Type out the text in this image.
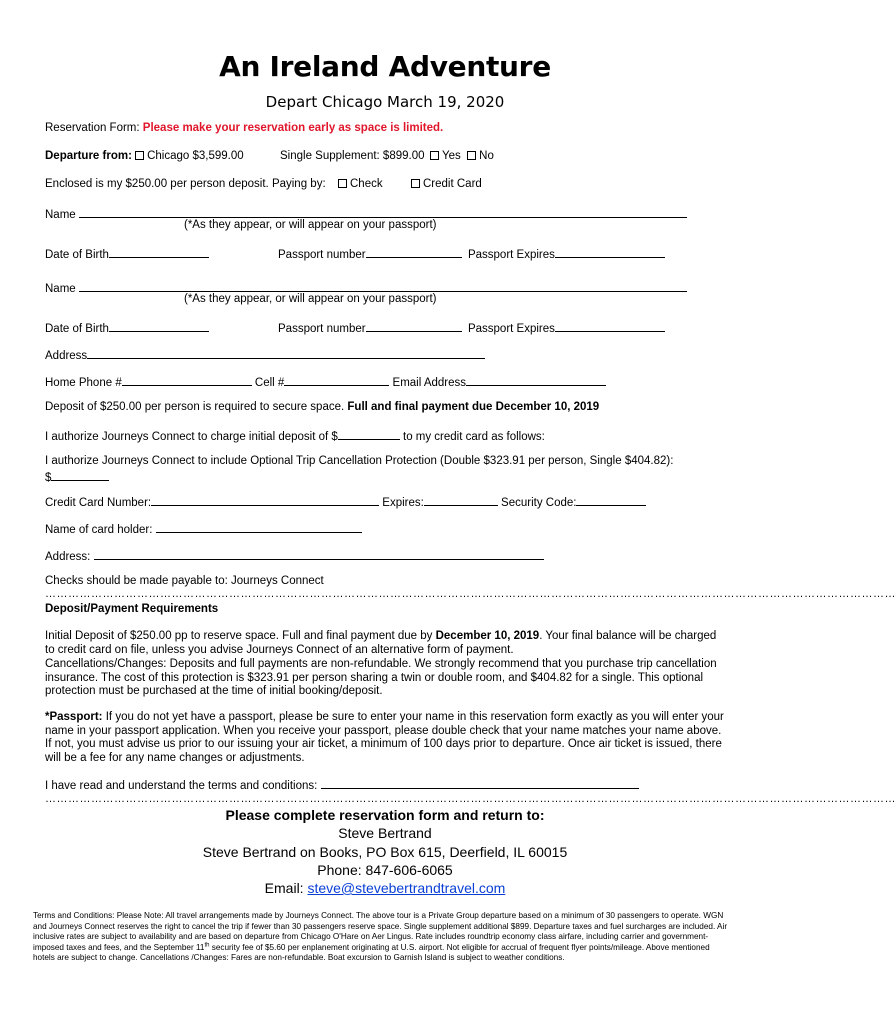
An Ireland Adventure
Depart Chicago March 19, 2020
Reservation Form: Please make your reservation early as space is limited.
Departure from: Chicago $3,599.00	Single Supplement: $899.00	Yes No
Enclosed is my $250.00 per person deposit. Paying by:	Check	Credit Card
Name
(*As they appear, or will appear on your passport)
Date of Birth	Passport number	Passport Expires
Name
(*As they appear, or will appear on your passport)
Date of Birth	Passport number	Passport Expires
Address
Home Phone #	Cell #	Email Address
Deposit of $250.00 per person is required to secure space. Full and final payment due December 10, 2019
I authorize Journeys Connect to charge initial deposit of $	to my credit card as follows:
I authorize Journeys Connect to include Optional Trip Cancellation Protection (Double $323.91 per person, Single $404.82):
$
Credit Card Number:	Expires:	Security Code:
Name of card holder:
Address:
Checks should be made payable to: Journeys Connect
……………………………………………………………………………………………………………………………………………………………………………………………………
Deposit/Payment Requirements
Initial Deposit of $250.00 pp to reserve space. Full and final payment due by December 10, 2019. Your final balance will be charged to credit card on file, unless you advise Journeys Connect of an alternative form of payment.
Cancellations/Changes: Deposits and full payments are non-refundable. We strongly recommend that you purchase trip cancellation insurance. The cost of this protection is $323.91 per person sharing a twin or double room, and $404.82 for a single. This optional protection must be purchased at the time of initial booking/deposit.
*Passport: If you do not yet have a passport, please be sure to enter your name in this reservation form exactly as you will enter your name in your passport application. When you receive your passport, please double check that your name matches your name above. If not, you must advise us prior to our issuing your air ticket, a minimum of 100 days prior to departure. Once air ticket is issued, there will be a fee for any name changes or adjustments.
I have read and understand the terms and conditions:
……………………………………………………………………………………………………………………………………………………………………………………………………
Please complete reservation form and return to:
Steve Bertrand
Steve Bertrand on Books, PO Box 615, Deerfield, IL 60015
Phone: 847-606-6065
Email: steve@stevebertrandtravel.com
Terms and Conditions: Please Note: All travel arrangements made by Journeys Connect. The above tour is a Private Group departure based on a minimum of 30 passengers to operate. WGN and Journeys Connect reserves the right to cancel the trip if fewer than 30 passengers reserve space. Single supplement additional $899. Departure taxes and fuel surcharges are included. Air inclusive rates are subject to availability and are based on departure from Chicago O'Hare on Aer Lingus. Rate includes roundtrip economy class airfare, including carrier and government-imposed taxes and fees, and the September 11th security fee of $5.60 per enplanement originating at U.S. airport. Not eligible for accrual of frequent flyer points/mileage. Above mentioned hotels are subject to change. Cancellations /Changes: Fares are non-refundable. Boat excursion to Garnish Island is subject to weather conditions.
